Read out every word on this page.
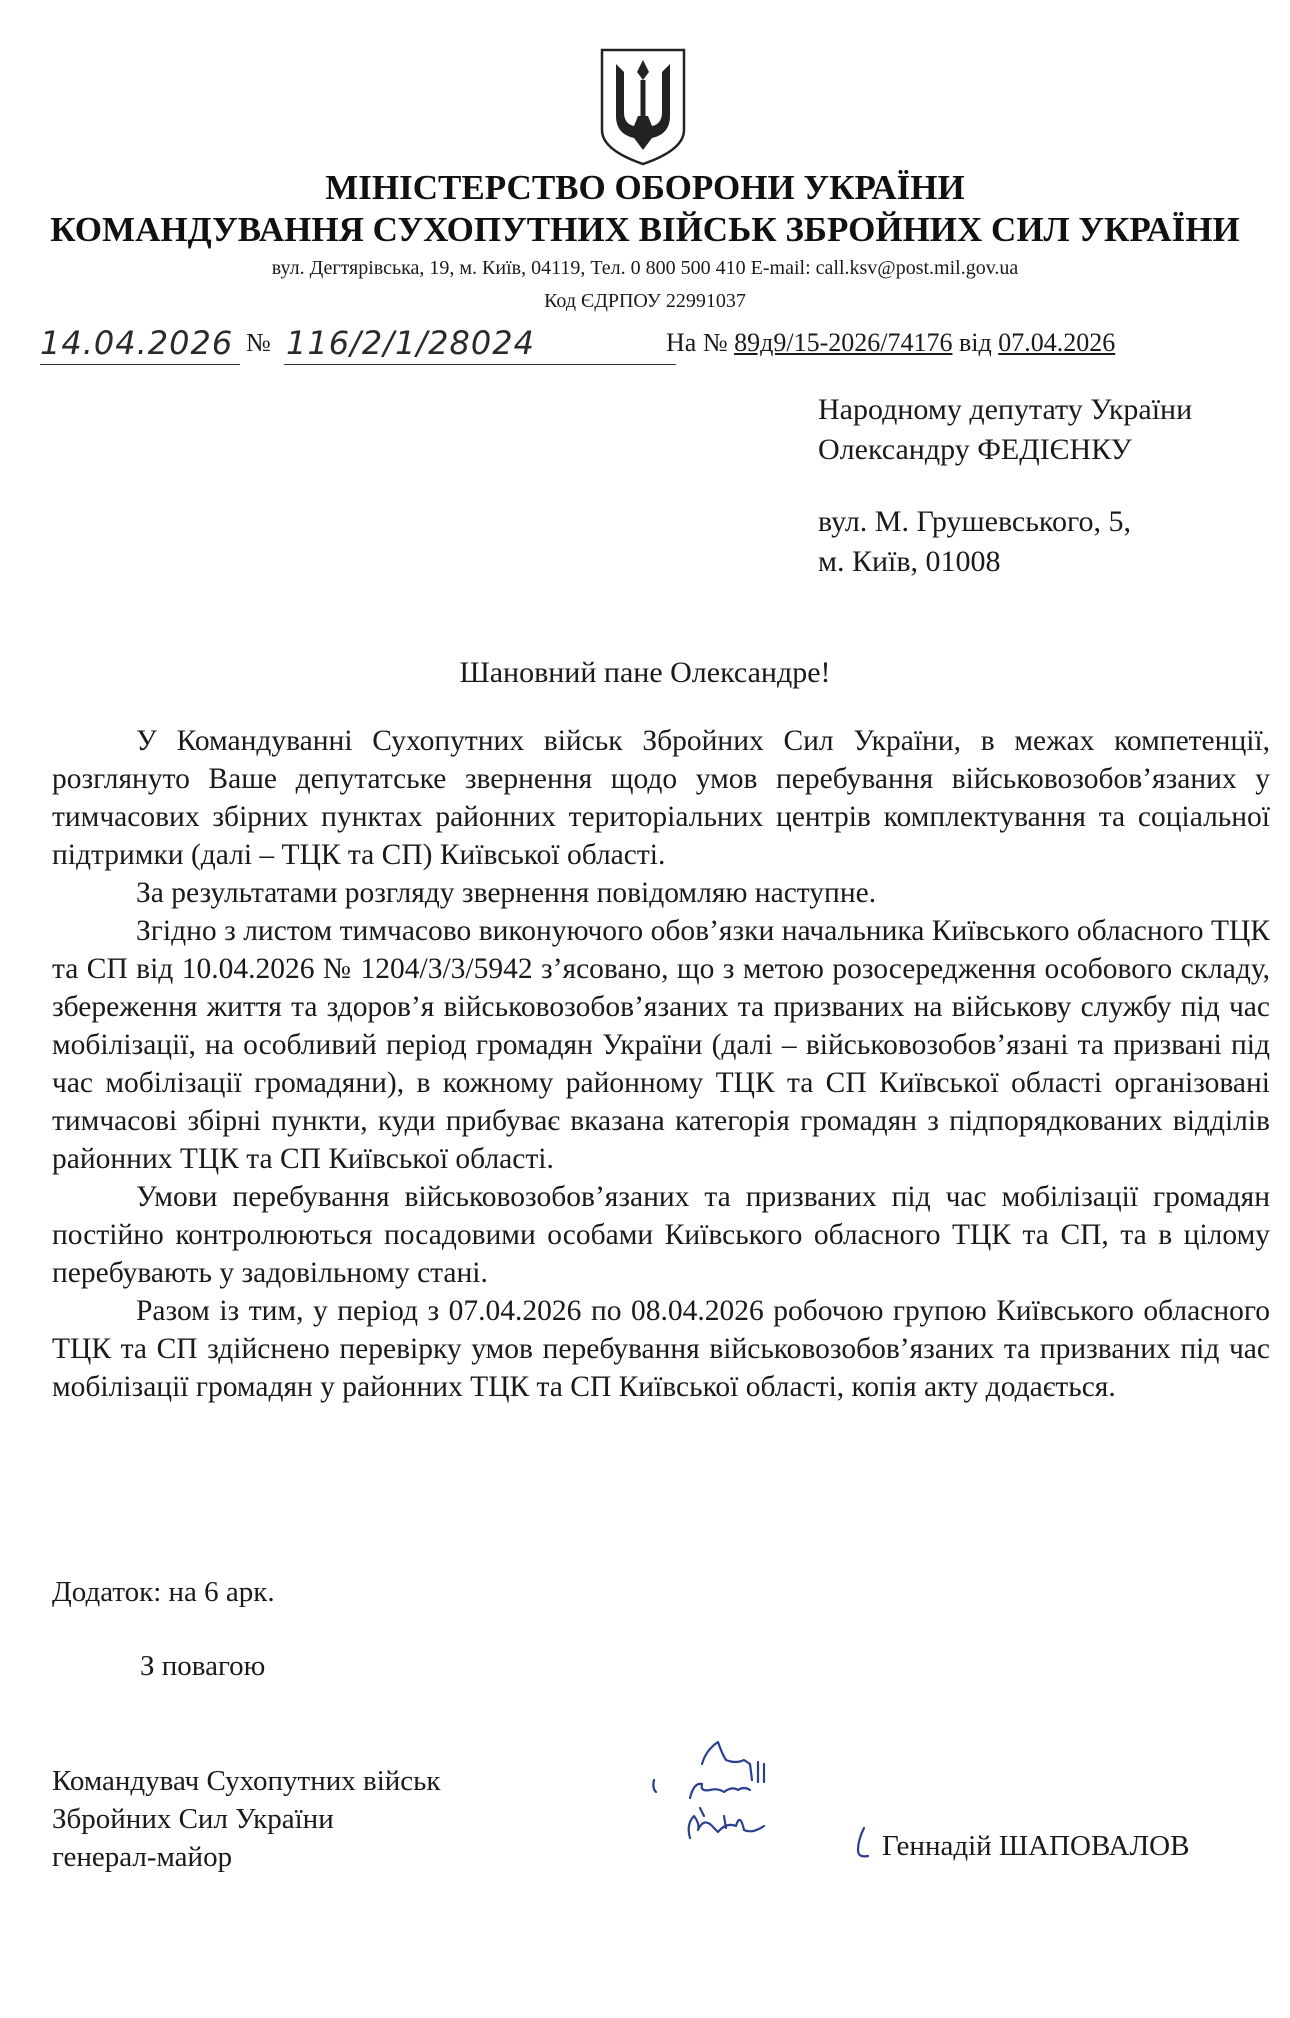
МІНІСТЕРСТВО ОБОРОНИ УКРАЇНИ
КОМАНДУВАННЯ СУХОПУТНИХ ВІЙСЬК ЗБРОЙНИХ СИЛ УКРАЇНИ
вул. Дегтярівська, 19, м. Київ, 04119, Тел. 0 800 500 410 E-mail: call.ksv@post.mil.gov.ua
Код ЄДРПОУ 22991037
14.04.2026 № 116/2/1/28024	На № 89д9/15-2026/74176 від 07.04.2026
Народному депутату України
Олександру ФЕДІЄНКУ
вул. М. Грушевського, 5,
м. Київ, 01008
Шановний пане Олександре!

У Командуванні Сухопутних військ Збройних Сил України, в межах компетенції, розглянуто Ваше депутатське звернення щодо умов перебування військовозобов’язаних у тимчасових збірних пунктах районних територіальних центрів комплектування та соціальної підтримки (далі – ТЦК та СП) Київської області.

За результатами розгляду звернення повідомляю наступне.

Згідно з листом тимчасово виконуючого обов’язки начальника Київського обласного ТЦК та СП від 10.04.2026 № 1204/3/3/5942 з’ясовано, що з метою розосередження особового складу, збереження життя та здоров’я військовозобов’язаних та призваних на військову службу під час мобілізації, на особливий період громадян України (далі – військовозобов’язані та призвані під час мобілізації громадяни), в кожному районному ТЦК та СП Київської області організовані тимчасові збірні пункти, куди прибуває вказана категорія громадян з підпорядкованих відділів районних ТЦК та СП Київської області.

Умови перебування військовозобов’язаних та призваних під час мобілізації громадян постійно контролюються посадовими особами Київського обласного ТЦК та СП, та в цілому перебувають у задовільному стані.

Разом із тим, у період з 07.04.2026 по 08.04.2026 робочою групою Київського обласного ТЦК та СП здійснено перевірку умов перебування військовозобов’язаних та призваних під час мобілізації громадян у районних ТЦК та СП Київської області, копія акту додається.

Додаток: на 6 арк.
З повагою
Командувач Сухопутних військ
Збройних Сил України
генерал-майор	Геннадій ШАПОВАЛОВ
